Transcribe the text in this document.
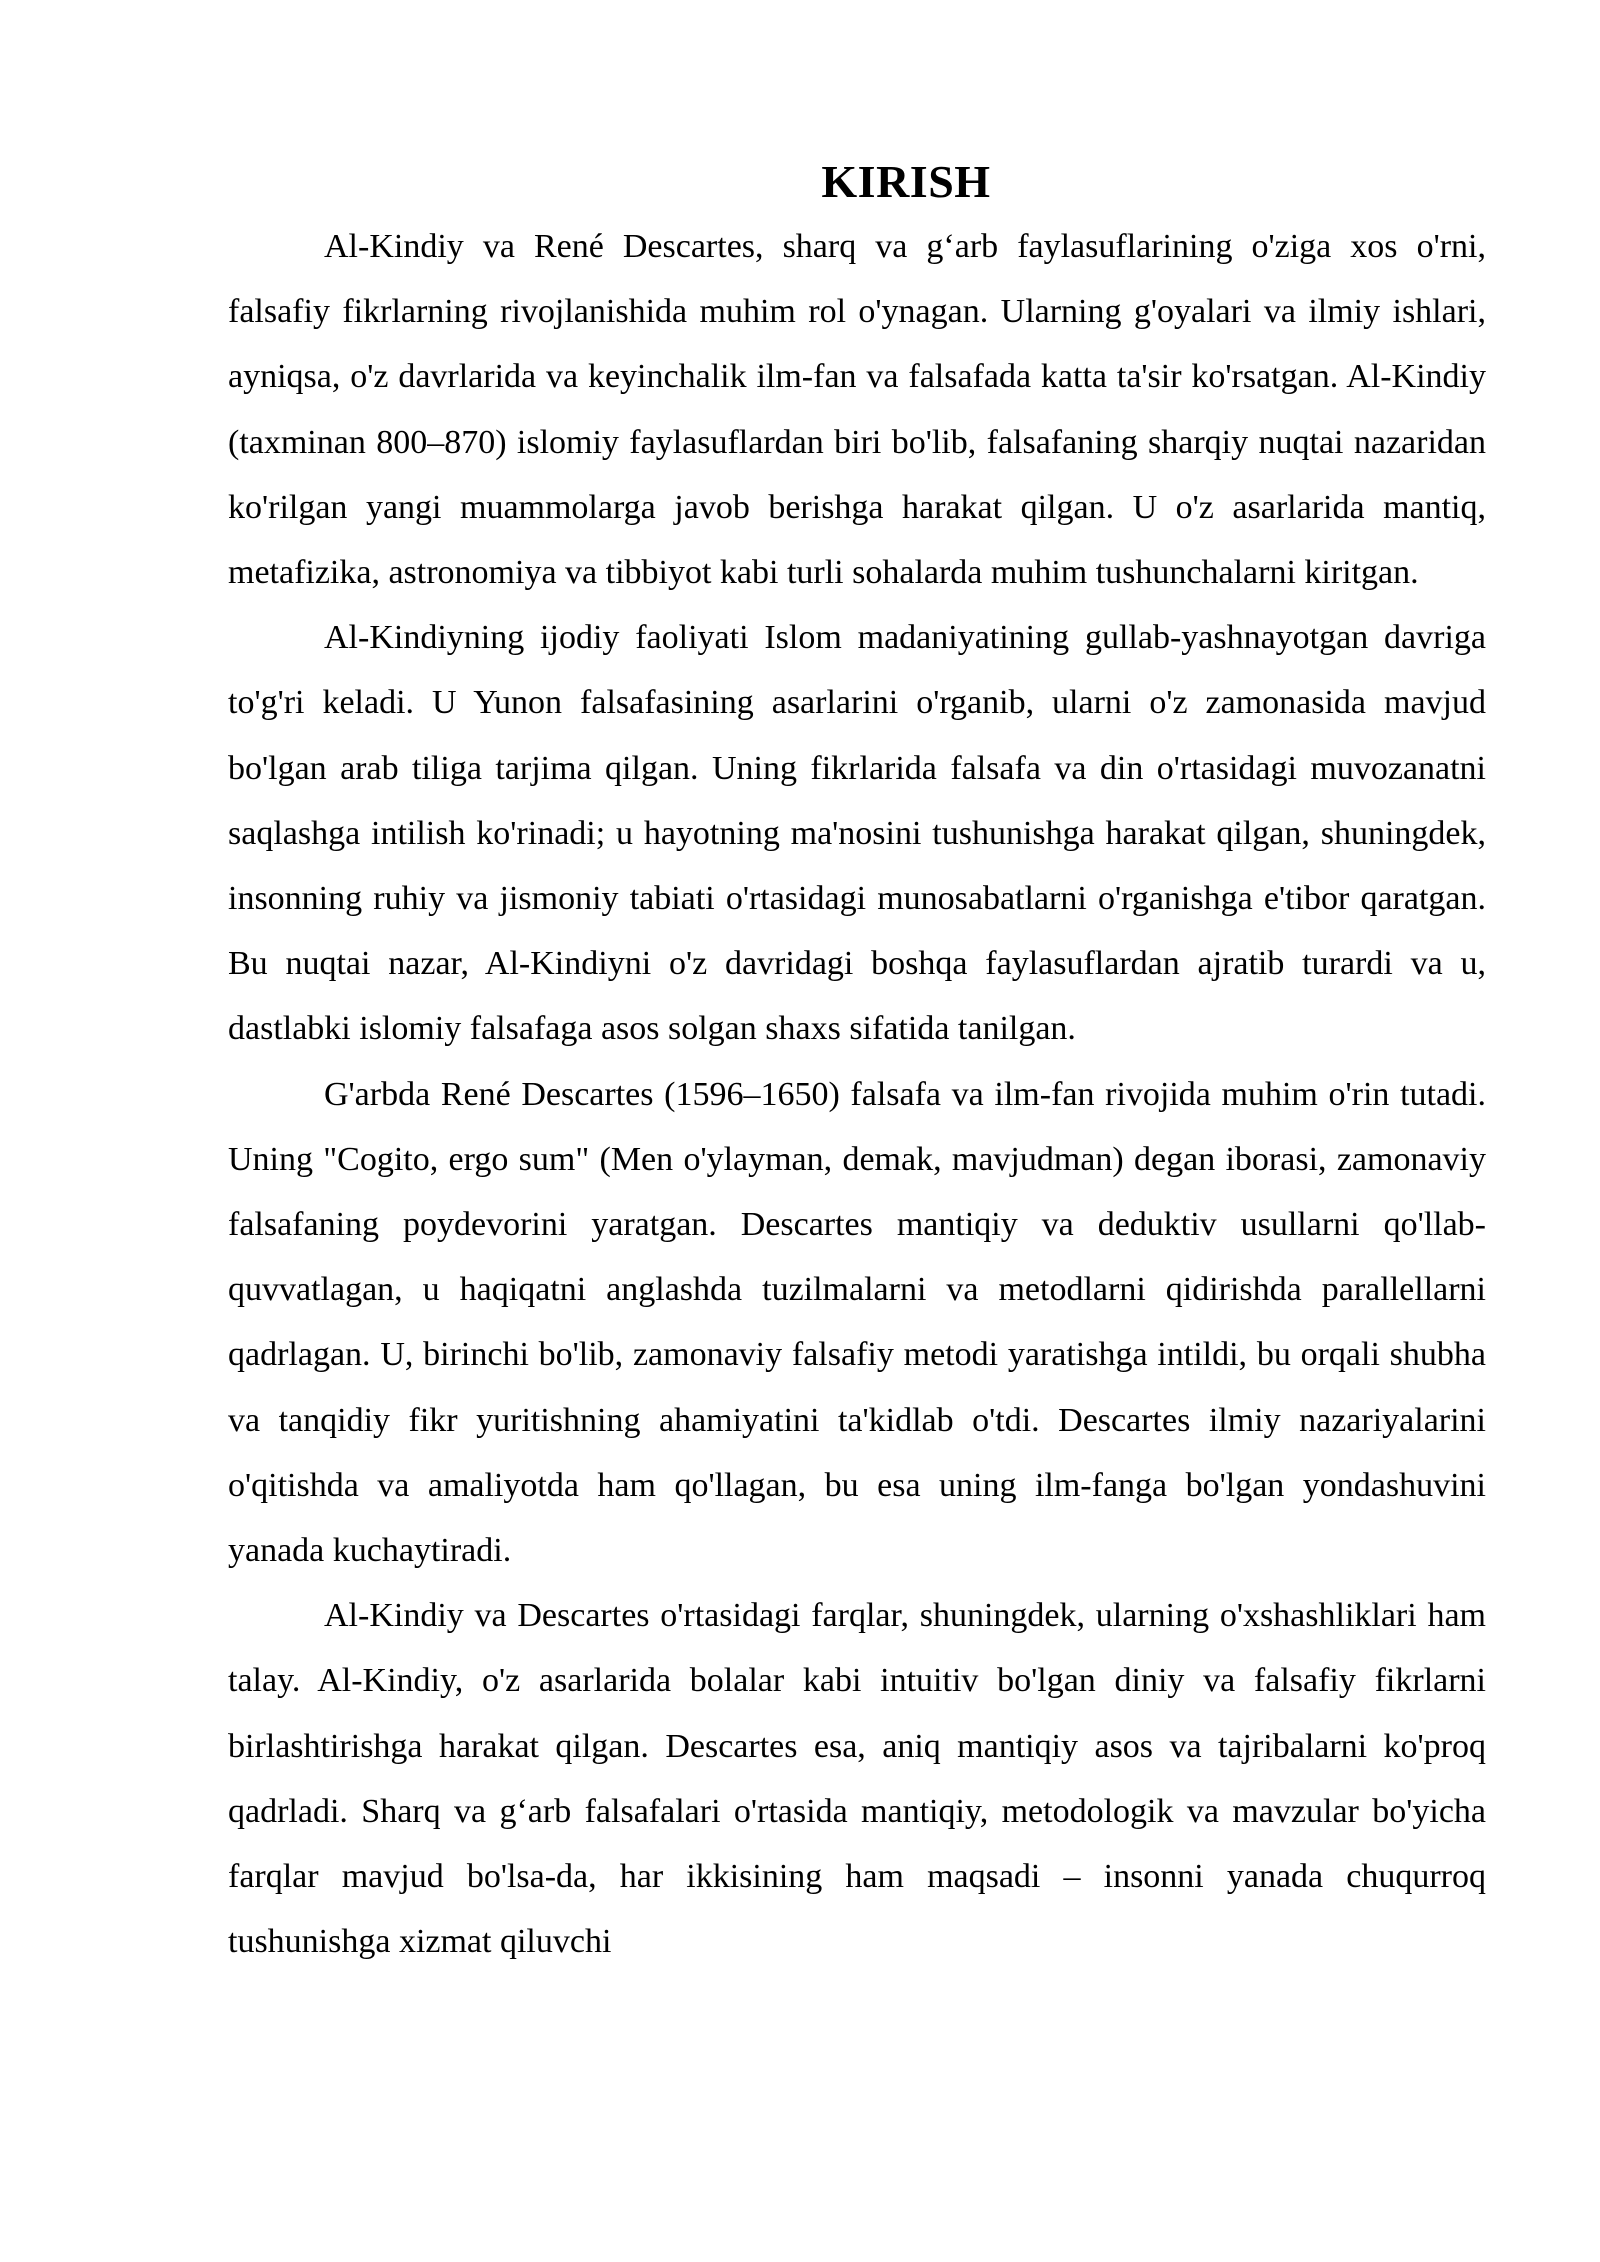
KIRISH

Al-Kindiy va René Descartes, sharq va g‘arb faylasuflarining o'ziga xos o'rni, falsafiy fikrlarning rivojlanishida muhim rol o'ynagan. Ularning g'oyalari va ilmiy ishlari, ayniqsa, o'z davrlarida va keyinchalik ilm-fan va falsafada katta ta'sir ko'rsatgan. Al-Kindiy (taxminan 800–870) islomiy faylasuflardan biri bo'lib, falsafaning sharqiy nuqtai nazaridan ko'rilgan yangi muammolarga javob berishga harakat qilgan. U o'z asarlarida mantiq, metafizika, astronomiya va tibbiyot kabi turli sohalarda muhim tushunchalarni kiritgan.

Al-Kindiyning ijodiy faoliyati Islom madaniyatining gullab-yashnayotgan davriga to'g'ri keladi. U Yunon falsafasining asarlarini o'rganib, ularni o'z zamonasida mavjud bo'lgan arab tiliga tarjima qilgan. Uning fikrlarida falsafa va din o'rtasidagi muvozanatni saqlashga intilish ko'rinadi; u hayotning ma'nosini tushunishga harakat qilgan, shuningdek, insonning ruhiy va jismoniy tabiati o'rtasidagi munosabatlarni o'rganishga e'tibor qaratgan. Bu nuqtai nazar, Al-Kindiyni o'z davridagi boshqa faylasuflardan ajratib turardi va u, dastlabki islomiy falsafaga asos solgan shaxs sifatida tanilgan.

G'arbda René Descartes (1596–1650) falsafa va ilm-fan rivojida muhim o'rin tutadi. Uning "Cogito, ergo sum" (Men o'ylayman, demak, mavjudman) degan iborasi, zamonaviy falsafaning poydevorini yaratgan. Descartes mantiqiy va deduktiv usullarni qo'llab-quvvatlagan, u haqiqatni anglashda tuzilmalarni va metodlarni qidirishda parallellarni qadrlagan. U, birinchi bo'lib, zamonaviy falsafiy metodi yaratishga intildi, bu orqali shubha va tanqidiy fikr yuritishning ahamiyatini ta'kidlab o'tdi. Descartes ilmiy nazariyalarini o'qitishda va amaliyotda ham qo'llagan, bu esa uning ilm-fanga bo'lgan yondashuvini yanada kuchaytiradi.

Al-Kindiy va Descartes o'rtasidagi farqlar, shuningdek, ularning o'xshashliklari ham talay. Al-Kindiy, o'z asarlarida bolalar kabi intuitiv bo'lgan diniy va falsafiy fikrlarni birlashtirishga harakat qilgan. Descartes esa, aniq mantiqiy asos va tajribalarni ko'proq qadrladi. Sharq va g‘arb falsafalari o'rtasida mantiqiy, metodologik va mavzular bo'yicha farqlar mavjud bo'lsa-da, har ikkisining ham maqsadi – insonni yanada chuqurroq tushunishga xizmat qiluvchi
